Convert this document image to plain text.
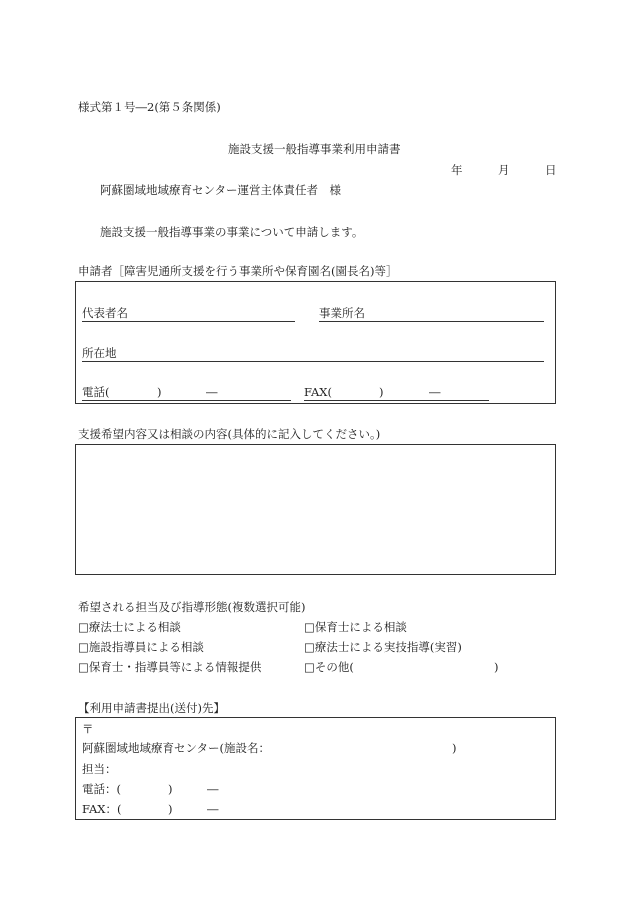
様式第１号―2(第５条関係)
施設支援一般指導事業利用申請書
年	月	日
阿蘇圏域地域療育センター運営主体責任者　様
施設支援一般指導事業の事業について申請します。
申請者［障害児通所支援を行う事業所や保育園名(園長名)等］
代表者名	事業所名
所在地
電話(	)	―	FAX(	)	―
支援希望内容又は相談の内容(具体的に記入してください。)
希望される担当及び指導形態(複数選択可能)
□療法士による相談	□保育士による相談
□施設指導員による相談	□療法士による実技指導(実習)
□保育士・指導員等による情報提供	□その他(	)
【利用申請書提出(送付)先】
〒
阿蘇圏域地域療育センター(施設名：	)
担当：
電話：(	)	―
FAX：(	)	―
